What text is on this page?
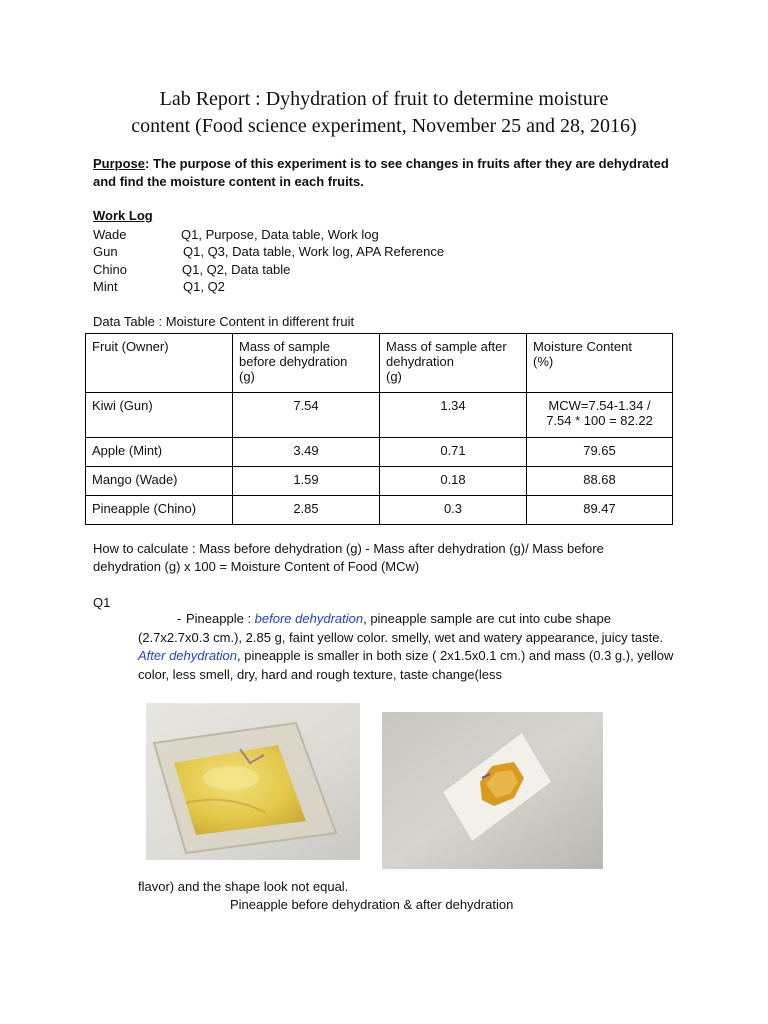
Lab Report : Dyhydration of fruit to determine moisture
content (Food science experiment, November 25 and 28, 2016)
Purpose: The purpose of this experiment is to see changes in fruits after they are dehydrated and find the moisture content in each fruits.
Work Log
Wade	Q1, Purpose, Data table, Work log
Gun	Q1, Q3, Data table, Work log, APA Reference
Chino	Q1, Q2, Data table
Mint	Q1, Q2
Data Table : Moisture Content in different fruit
Fruit (Owner)	Mass of sample
before dehydration
(g)	Mass of sample after
dehydration
(g)	Moisture Content
(%)
Kiwi (Gun)	7.54	1.34	MCW=7.54-1.34 /
7.54 * 100 = 82.22
Apple (Mint)	3.49	0.71	79.65
Mango (Wade)	1.59	0.18	88.68
Pineapple (Chino)	2.85	0.3	89.47
How to calculate : Mass before dehydration (g) - Mass after dehydration (g)/ Mass before
dehydration (g) x 100 = Moisture Content of Food (MCw)
Q1
- Pineapple : before dehydration, pineapple sample are cut into cube shape (2.7x2.7x0.3 cm.), 2.85 g, faint yellow color. smelly, wet and watery appearance, juicy taste. After dehydration, pineapple is smaller in both size ( 2x1.5x0.1 cm.) and mass (0.3 g.), yellow color, less smell, dry, hard and rough texture, taste change(less
flavor) and the shape look not equal.
Pineapple before dehydration & after dehydration
